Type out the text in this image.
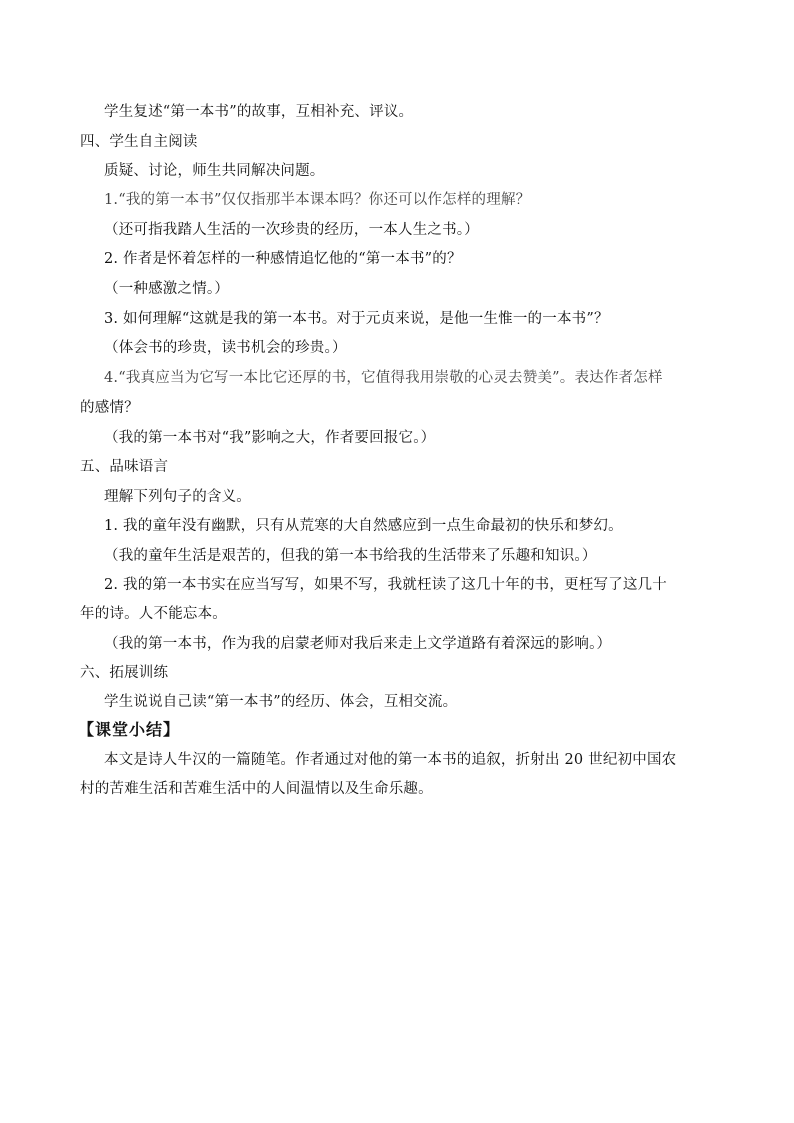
学生复述“第一本书”的故事，互相补充、评议。
四、学生自主阅读
质疑、讨论，师生共同解决问题。
1.“我的第一本书”仅仅指那半本课本吗？你还可以作怎样的理解？
（还可指我踏人生活的一次珍贵的经历，一本人生之书。）
2. 作者是怀着怎样的一种感情追忆他的“第一本书”的？
（一种感激之情。）
3. 如何理解“这就是我的第一本书。对于元贞来说，是他一生惟一的一本书”？
（体会书的珍贵，读书机会的珍贵。）
4.“我真应当为它写一本比它还厚的书，它值得我用崇敬的心灵去赞美”。表达作者怎样
的感情？
（我的第一本书对“我”影响之大，作者要回报它。）
五、品味语言
理解下列句子的含义。
1. 我的童年没有幽默，只有从荒寒的大自然感应到一点生命最初的快乐和梦幻。
（我的童年生活是艰苦的，但我的第一本书给我的生活带来了乐趣和知识。）
2. 我的第一本书实在应当写写，如果不写，我就枉读了这几十年的书，更枉写了这几十
年的诗。人不能忘本。
（我的第一本书，作为我的启蒙老师对我后来走上文学道路有着深远的影响。）
六、拓展训练
学生说说自己读“第一本书”的经历、体会，互相交流。
【课堂小结】
本文是诗人牛汉的一篇随笔。作者通过对他的第一本书的追叙，折射出 20 世纪初中国农
村的苦难生活和苦难生活中的人间温情以及生命乐趣。
